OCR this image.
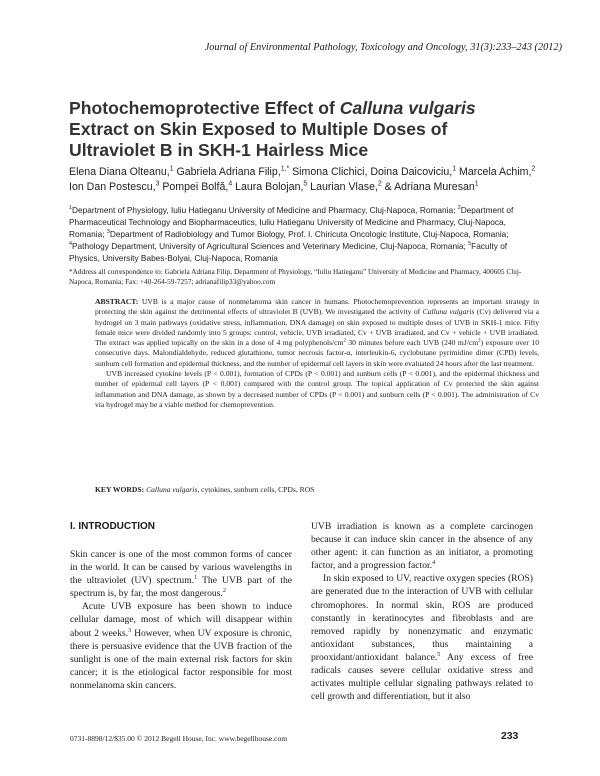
Journal of Environmental Pathology, Toxicology and Oncology, 31(3):233–243 (2012)
Photochemoprotective Effect of Calluna vulgaris Extract on Skin Exposed to Multiple Doses of Ultraviolet B in SKH-1 Hairless Mice
Elena Diana Olteanu,$^1$ Gabriela Adriana Filip,$^{1,*}$ Simona Clichici, Doina Daicoviciu,$^1$ Marcela Achim,$^2$ Ion Dan Postescu,$^3$ Pompei Bolfă,$^4$ Laura Bolojan,$^5$ Laurian Vlase,$^2$ & Adriana Muresan$^1$

$^1$Department of Physiology, Iuliu Hatieganu University of Medicine and Pharmacy, Cluj-Napoca, Romania; $^2$Department of Pharmaceutical Technology and Biopharmaceutics, Iuliu Hatieganu University of Medicine and Pharmacy, Cluj-Napoca, Romania; $^3$Department of Radiobiology and Tumor Biology, Prof. I. Chiricuta Oncologic Institute, Cluj-Napoca, Romania; $^4$Pathology Department, University of Agricultural Sciences and Veterinary Medicine, Cluj-Napoca, Romania; $^5$Faculty of Physics, University Babes-Bolyai, Cluj-Napoca, Romania

*Address all correspondence to: Gabriela Adriana Filip, Department of Physiology, “Iuliu Hatieganu” University of Medicine and Pharmacy, 400605 Cluj-Napoca, Romania; Fax: +40-264-59-7257; adrianafilip33@yahoo.com

ABSTRACT: UVB is a major cause of nonmelanoma skin cancer in humans. Photochemoprevention represents an important strategy in protecting the skin against the detrimental effects of ultraviolet B (UVB). We investigated the activity of Calluna vulgaris (Cv) delivered via a hydrogel on 3 main pathways (oxidative stress, inflammation, DNA damage) on skin exposed to multiple doses of UVB in SKH-1 mice. Fifty female mice were divided randomly into 5 groups: control, vehicle, UVB irradiated, Cv + UVB irradiated, and Cv + vehicle + UVB irradiated. The extract was applied topically on the skin in a dose of 4 mg polyphenols/$cm^2$ 30 minutes before each UVB (240 $mJ/cm^2$) exposure over 10 consecutive days. Malondialdehyde, reduced glutathione, tumor necrosis factor-α, interleukin-6, cyclobutane pyrimidine dimer (CPD) levels, sunburn cell formation and epidermal thickness, and the number of epidermal cell layers in skin were evaluated 24 hours after the last treatment.

UVB increased cytokine levels (P < 0.001), formation of CPDs (P < 0.001) and sunburn cells (P < 0.001), and the epidermal thickness and number of epidermal cell layers (P < 0.001) compared with the control group. The topical application of Cv protected the skin against inflammation and DNA damage, as shown by a decreased number of CPDs (P < 0.001) and sunburn cells (P < 0.001). The administration of Cv via hydrogel may be a viable method for chemoprevention.

KEY WORDS: Calluna vulgaris, cytokines, sunburn cells, CPDs, ROS
I. INTRODUCTION

Skin cancer is one of the most common forms of cancer in the world. It can be caused by various wavelengths in the ultraviolet (UV) spectrum.$^1$ The UVB part of the spectrum is, by far, the most dangerous.$^2$

Acute UVB exposure has been shown to induce cellular damage, most of which will disappear within about 2 weeks.$^3$ However, when UV exposure is chronic, there is persuasive evidence that the UVB fraction of the sunlight is one of the main external risk factors for skin cancer; it is the etiological factor responsible for most nonmelanoma skin cancers.

UVB irradiation is known as a complete carcinogen because it can induce skin cancer in the absence of any other agent: it can function as an initiator, a promoting factor, and a progression factor.$^4$

In skin exposed to UV, reactive oxygen species (ROS) are generated due to the interaction of UVB with cellular chromophores. In normal skin, ROS are produced constantly in keratinocytes and fibroblasts and are removed rapidly by nonenzymatic and enzymatic antioxidant substances, thus maintaining a prooxidant/antioxidant balance.$^5$ Any excess of free radicals causes severe cellular oxidative stress and activates multiple cellular signaling pathways related to cell growth and differentiation, but it also

0731-8898/12/$35.00 © 2012 Begell House, Inc. www.begellhouse.com	233
